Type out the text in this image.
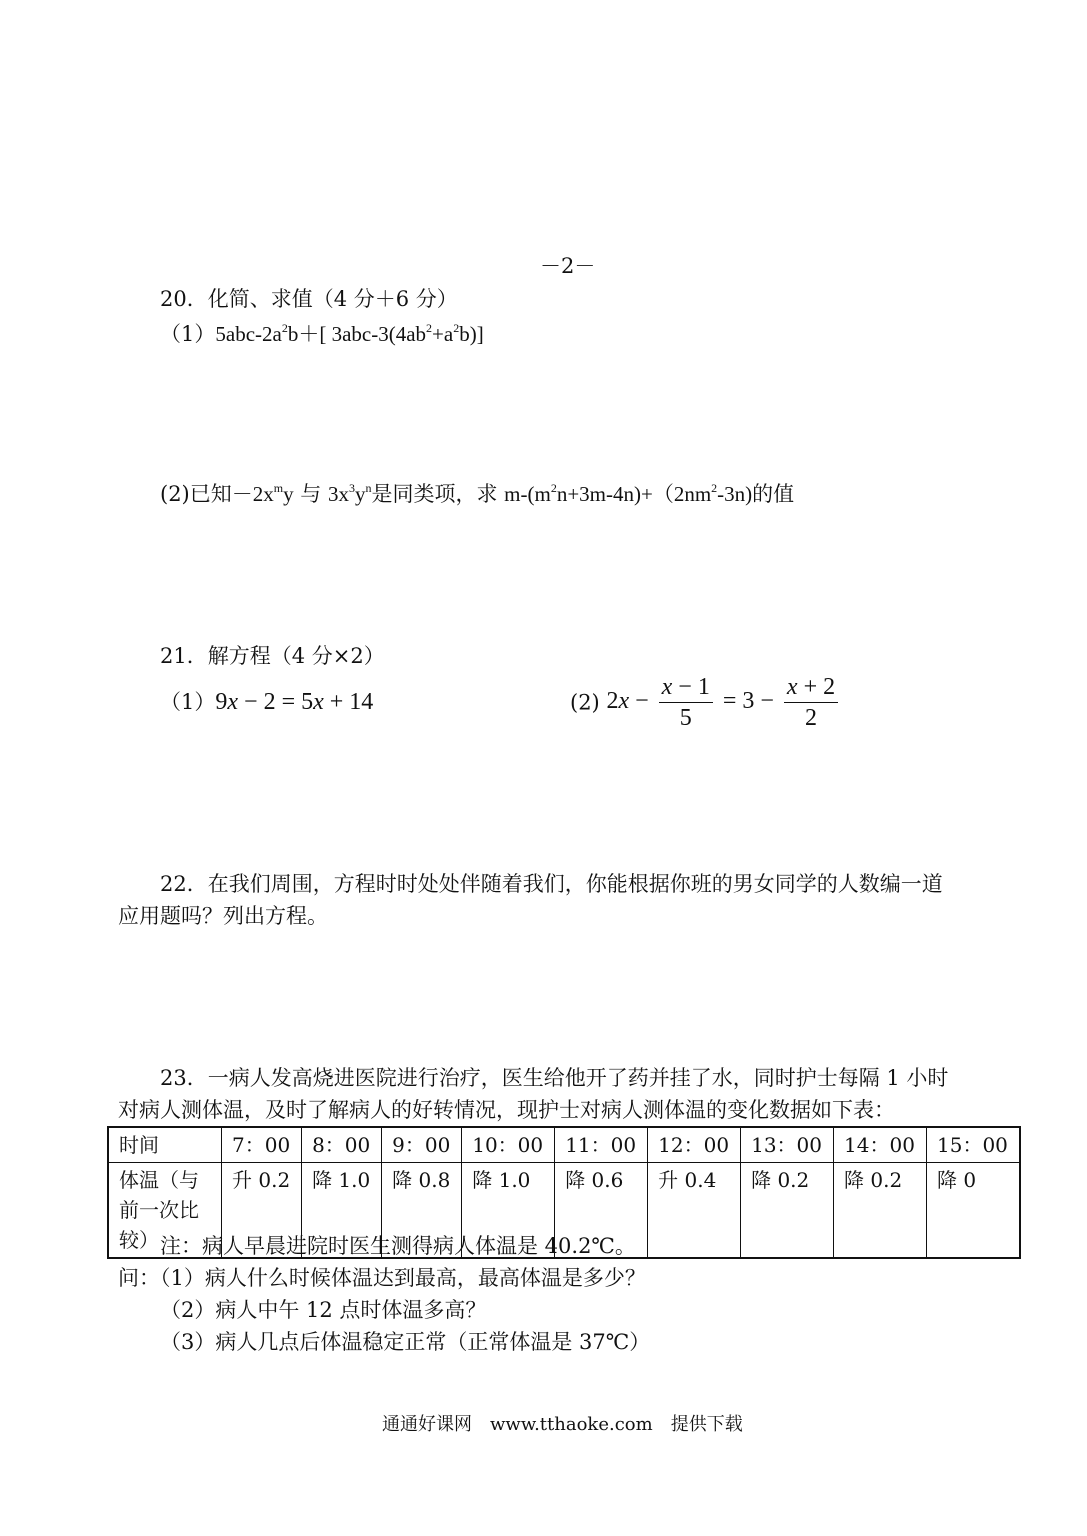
－2－
20．化简、求值（4 分＋6 分）
$(1)5abc-2a^2b+$[ $3abc-3(4ab^2+a^2b)$]
(2)已知$-2x^my$ 与 $3x^3y^n$是同类项，求 $m-(m^2n+3m-4n)+(2nm^2-3n)$的值
21．解方程（4 分×2）
（1）9x − 2 = 5x + 14	(2) $2x - \frac{x - 1}{5} = 3 - \frac{x + 2}{2}$
22．在我们周围，方程时时处处伴随着我们，你能根据你班的男女同学的人数编一道
应用题吗？列出方程。
23．一病人发高烧进医院进行治疗，医生给他开了药并挂了水，同时护士每隔 1 小时
对病人测体温，及时了解病人的好转情况，现护士对病人测体温的变化数据如下表：
时间	7：00	8：00	9：00	10：00	11：00	12：00	13：00	14：00	15：00
体温（与前一次比较）	升 0.2	降 1.0	降 0.8	降 1.0	降 0.6	升 0.4	降 0.2	降 0.2	降 0
注：病人早晨进院时医生测得病人体温是 40.2℃。
问：（1）病人什么时候体温达到最高，最高体温是多少？
（2）病人中午 12 点时体温多高？
（3）病人几点后体温稳定正常（正常体温是 37℃）
通通好课网　www.tthaoke.com　提供下载
